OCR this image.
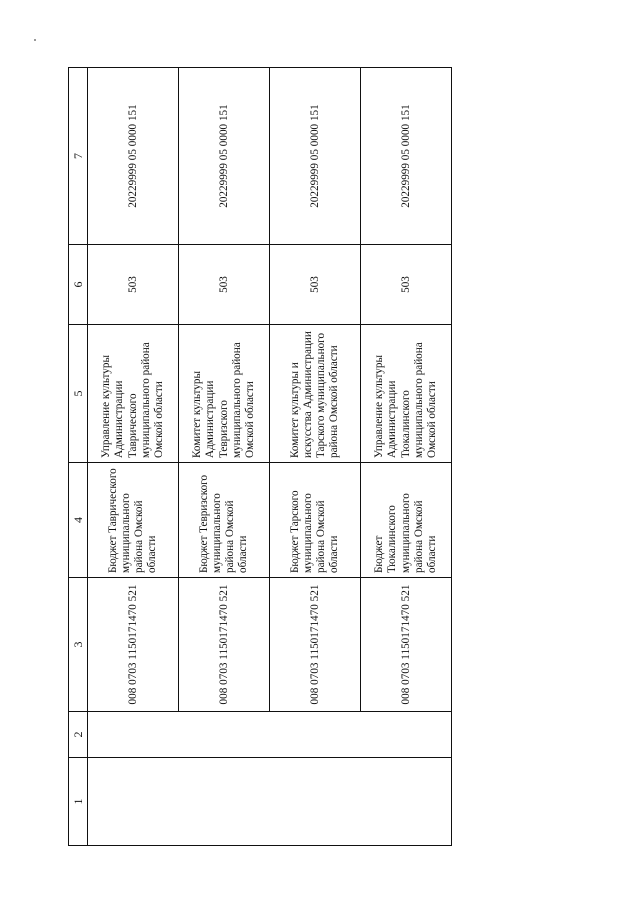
1	2	3	4	5	6	7
		008 0703 1150171470 521	Бюджет Таврического муниципального района Омской области	Управление культуры Администрации Таврического муниципального района Омской области	503	20229999 05 0000 151
		008 0703 1150171470 521	Бюджет Тевризского муниципального района Омской области	Комитет культуры Администрации Тевризского муниципального района Омской области	503	20229999 05 0000 151
		008 0703 1150171470 521	Бюджет Тарского муниципального района Омской области	Комитет культуры и искусства Администрации Тарского муниципального района Омской области	503	20229999 05 0000 151
		008 0703 1150171470 521	Бюджет Тюкалинского муниципального района Омской области	Управление культуры Администрации Тюкалинского муниципального района Омской области	503	20229999 05 0000 151
